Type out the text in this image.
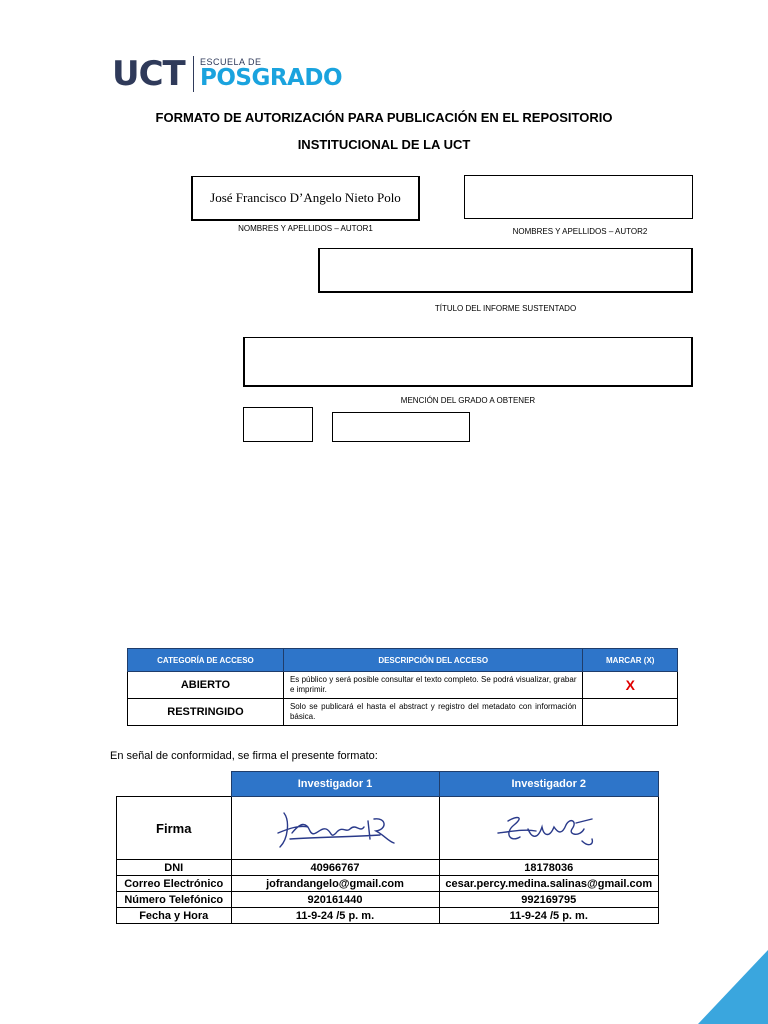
UCT ESCUELA DE
POSGRADO
FORMATO DE AUTORIZACIÓN PARA PUBLICACIÓN EN EL REPOSITORIO
INSTITUCIONAL DE LA UCT
José Francisco D’Angelo Nieto Polo
NOMBRES Y APELLIDOS – AUTOR1	NOMBRES Y APELLIDOS – AUTOR2
TÍTULO DEL INFORME SUSTENTADO
MENCIÓN DEL GRADO A OBTENER
CATEGORÍA DE ACCESO	DESCRIPCIÓN DEL ACCESO	MARCAR (X)
ABIERTO	Es público y será posible consultar el texto completo. Se podrá visualizar, grabar e imprimir.	X
RESTRINGIDO	Solo se publicará el hasta el abstract y registro del metadato con información básica.	
En señal de conformidad, se firma el presente formato:
	Investigador 1	Investigador 2
Firma	

DNI	40966767	18178036
Correo Electrónico	jofrandangelo@gmail.com	cesar.percy.medina.salinas@gmail.com
Número Telefónico	920161440	992169795
Fecha y Hora	11-9-24 /5 p. m.	11-9-24 /5 p. m.
